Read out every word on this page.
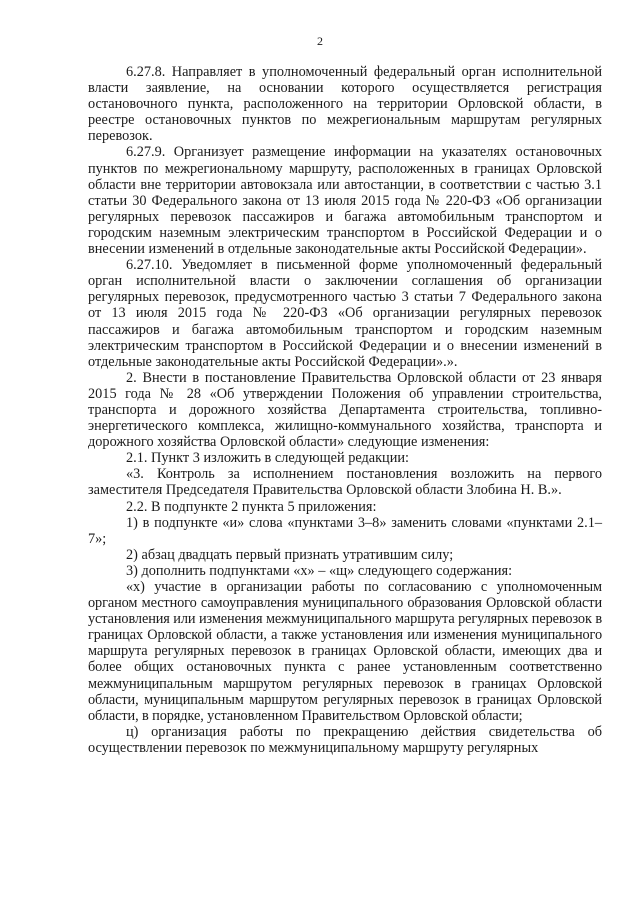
2

6.27.8. Направляет в уполномоченный федеральный орган исполнительной власти заявление, на основании которого осуществляется регистрация остановочного пункта, расположенного на территории Орловской области, в реестре остановочных пунктов по межрегиональным маршрутам регулярных перевозок.

6.27.9. Организует размещение информации на указателях остановочных пунктов по межрегиональному маршруту, расположенных в границах Орловской области вне территории автовокзала или автостанции, в соответствии с частью 3.1 статьи 30 Федерального закона от 13 июля 2015 года № 220-ФЗ «Об организации регулярных перевозок пассажиров и багажа автомобильным транспортом и городским наземным электрическим транспортом в Российской Федерации и о внесении изменений в отдельные законодательные акты Российской Федерации».

6.27.10. Уведомляет в письменной форме уполномоченный федеральный орган исполнительной власти о заключении соглашения об организации регулярных перевозок, предусмотренного частью 3 статьи 7 Федерального закона от 13 июля 2015 года № 220-ФЗ «Об организации регулярных перевозок пассажиров и багажа автомобильным транспортом и городским наземным электрическим транспортом в Российской Федерации и о внесении изменений в отдельные законодательные акты Российской Федерации».».

2. Внести в постановление Правительства Орловской области от 23 января 2015 года № 28 «Об утверждении Положения об управлении строительства, транспорта и дорожного хозяйства Департамента строительства, топливно-энергетического комплекса, жилищно-коммунального хозяйства, транспорта и дорожного хозяйства Орловской области» следующие изменения:

2.1. Пункт 3 изложить в следующей редакции:

«3. Контроль за исполнением постановления возложить на первого заместителя Председателя Правительства Орловской области Злобина Н. В.».

2.2. В подпункте 2 пункта 5 приложения:

1) в подпункте «и» слова «пунктами 3–8» заменить словами «пунктами 2.1–7»;

2) абзац двадцать первый признать утратившим силу;

3) дополнить подпунктами «х» – «щ» следующего содержания:

«х) участие в организации работы по согласованию с уполномоченным органом местного самоуправления муниципального образования Орловской области установления или изменения межмуниципального маршрута регулярных перевозок в границах Орловской области, а также установления или изменения муниципального маршрута регулярных перевозок в границах Орловской области, имеющих два и более общих остановочных пункта с ранее установленным соответственно межмуниципальным маршрутом регулярных перевозок в границах Орловской области, муниципальным маршрутом регулярных перевозок в границах Орловской области, в порядке, установленном Правительством Орловской области;

ц) организация работы по прекращению действия свидетельства об осуществлении перевозок по межмуниципальному маршруту регулярных
